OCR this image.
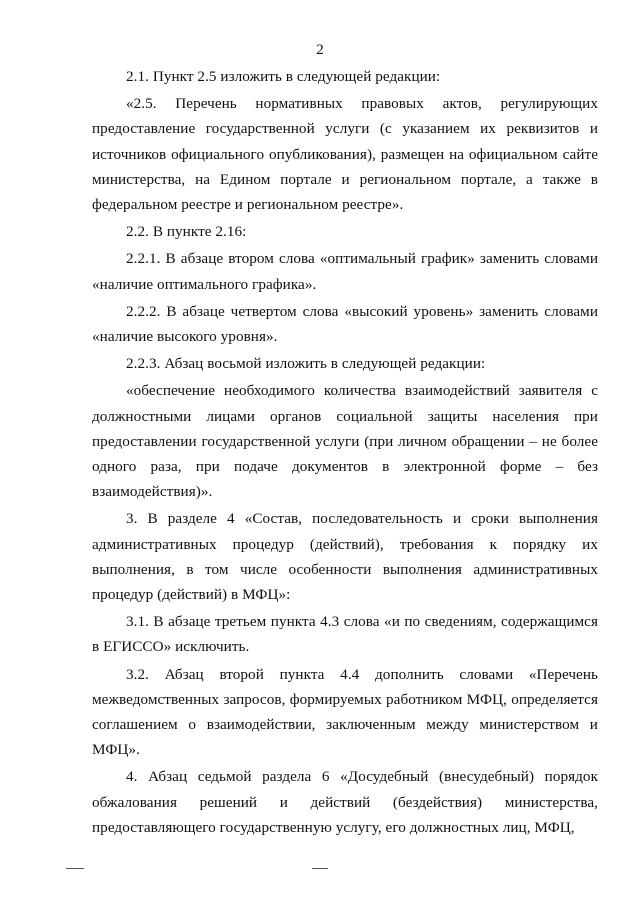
2

2.1. Пункт 2.5 изложить в следующей редакции:

«2.5. Перечень нормативных правовых актов, регулирующих предоставление государственной услуги (с указанием их реквизитов и источников официального опубликования), размещен на официальном сайте министерства, на Едином портале и региональном портале, а также в федеральном реестре и региональном реестре».

2.2. В пункте 2.16:

2.2.1. В абзаце втором слова «оптимальный график» заменить словами «наличие оптимального графика».

2.2.2. В абзаце четвертом слова «высокий уровень» заменить словами «наличие высокого уровня».

2.2.3. Абзац восьмой изложить в следующей редакции:

«обеспечение необходимого количества взаимодействий заявителя с должностными лицами органов социальной защиты населения при предоставлении государственной услуги (при личном обращении – не более одного раза, при подаче документов в электронной форме – без взаимодействия)».

3. В разделе 4 «Состав, последовательность и сроки выполнения административных процедур (действий), требования к порядку их выполнения, в том числе особенности выполнения административных процедур (действий) в МФЦ»:

3.1. В абзаце третьем пункта 4.3 слова «и по сведениям, содержащимся в ЕГИССО» исключить.

3.2. Абзац второй пункта 4.4 дополнить словами «Перечень межведомственных запросов, формируемых работником МФЦ, определяется соглашением о взаимодействии, заключенным между министерством и МФЦ».

4. Абзац седьмой раздела 6 «Досудебный (внесудебный) порядок обжалования решений и действий (бездействия) министерства, предоставляющего государственную услугу, его должностных лиц, МФЦ,
